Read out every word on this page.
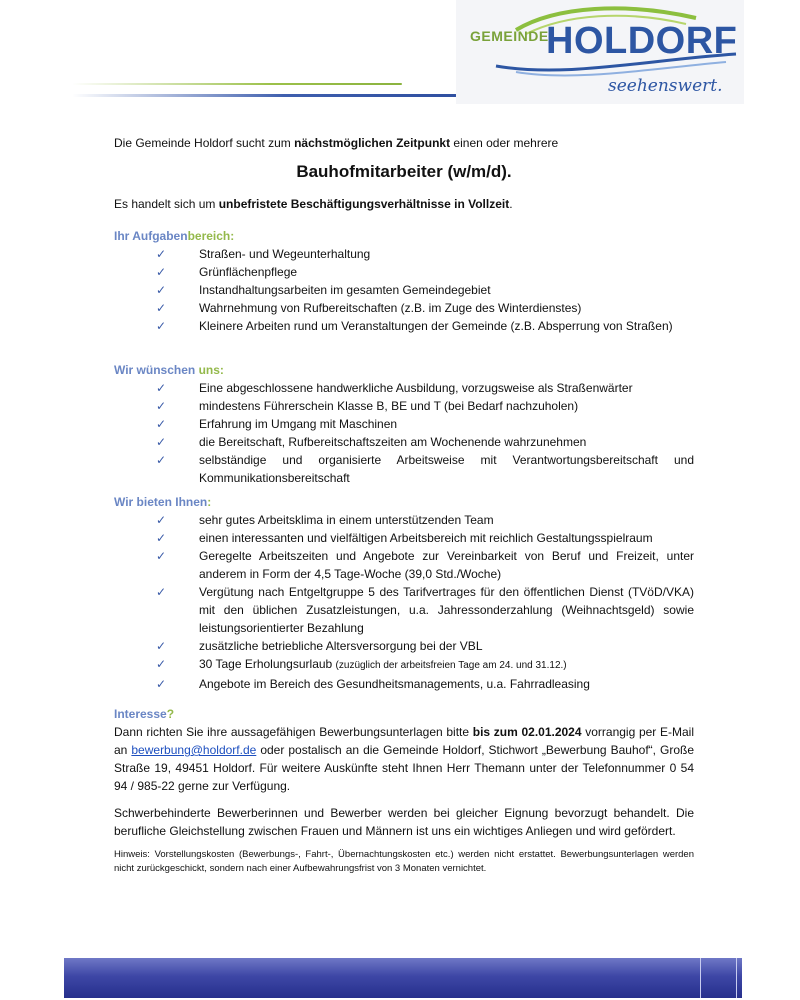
GEMEINDE
HOLDORF
seehenswert.

Die Gemeinde Holdorf sucht zum nächstmöglichen Zeitpunkt einen oder mehrere

Bauhofmitarbeiter (w/m/d).

Es handelt sich um unbefristete Beschäftigungsverhältnisse in Vollzeit.

Ihr Aufgabenbereich:
✓	Straßen- und Wegeunterhaltung
✓	Grünflächenpflege
✓	Instandhaltungsarbeiten im gesamten Gemeindegebiet
✓	Wahrnehmung von Rufbereitschaften (z.B. im Zuge des Winterdienstes)
✓	Kleinere Arbeiten rund um Veranstaltungen der Gemeinde (z.B. Absperrung von Straßen)
Wir wünschen uns:
✓	Eine abgeschlossene handwerkliche Ausbildung, vorzugsweise als Straßenwärter
✓	mindestens Führerschein Klasse B, BE und T (bei Bedarf nachzuholen)
✓	Erfahrung im Umgang mit Maschinen
✓	die Bereitschaft, Rufbereitschaftszeiten am Wochenende wahrzunehmen
✓	selbständige und organisierte Arbeitsweise mit Verantwortungsbereitschaft und Kommunikationsbereitschaft
Wir bieten Ihnen:
✓	sehr gutes Arbeitsklima in einem unterstützenden Team
✓	einen interessanten und vielfältigen Arbeitsbereich mit reichlich Gestaltungsspielraum
✓	Geregelte Arbeitszeiten und Angebote zur Vereinbarkeit von Beruf und Freizeit, unter anderem in Form der 4,5 Tage-Woche (39,0 Std./Woche)
✓	Vergütung nach Entgeltgruppe 5 des Tarifvertrages für den öffentlichen Dienst (TVöD/VKA) mit den üblichen Zusatzleistungen, u.a. Jahressonderzahlung (Weihnachtsgeld) sowie leistungsorientierter Bezahlung
✓	zusätzliche betriebliche Altersversorgung bei der VBL
✓	30 Tage Erholungsurlaub (zuzüglich der arbeitsfreien Tage am 24. und 31.12.)
✓	Angebote im Bereich des Gesundheitsmanagements, u.a. Fahrradleasing
Interesse?

Dann richten Sie ihre aussagefähigen Bewerbungsunterlagen bitte bis zum 02.01.2024 vorrangig per E-Mail an bewerbung@holdorf.de oder postalisch an die Gemeinde Holdorf, Stichwort „Bewerbung Bauhof“, Große Straße 19, 49451 Holdorf. Für weitere Auskünfte steht Ihnen Herr Themann unter der Telefonnummer 0 54 94 / 985-22 gerne zur Verfügung.

Schwerbehinderte Bewerberinnen und Bewerber werden bei gleicher Eignung bevorzugt behandelt. Die berufliche Gleichstellung zwischen Frauen und Männern ist uns ein wichtiges Anliegen und wird gefördert.

Hinweis: Vorstellungskosten (Bewerbungs-, Fahrt-, Übernachtungskosten etc.) werden nicht erstattet. Bewerbungsunterlagen werden nicht zurückgeschickt, sondern nach einer Aufbewahrungsfrist von 3 Monaten vernichtet.
